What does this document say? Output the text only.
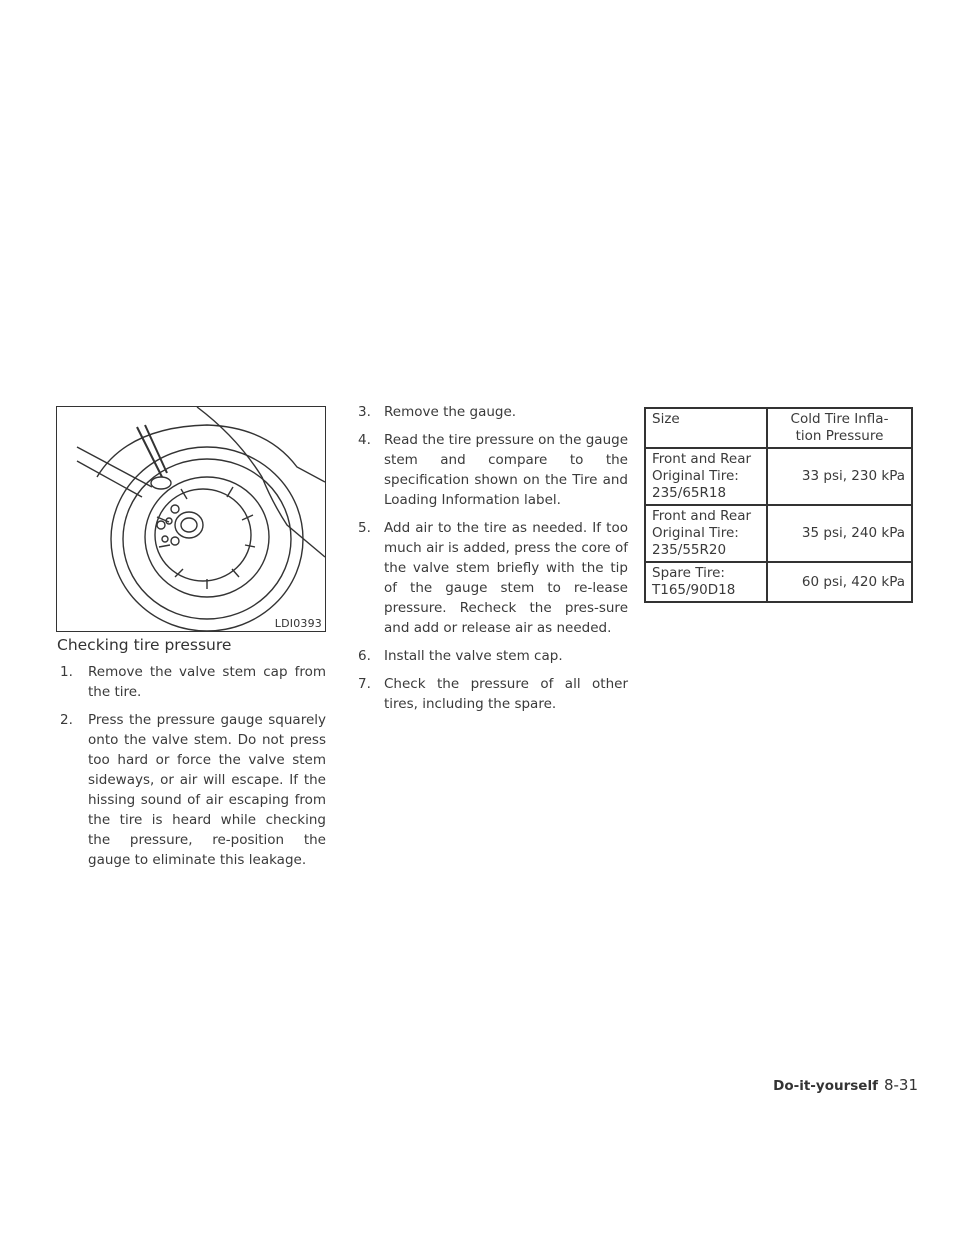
LDI0393
Checking tire pressure
1. Remove the valve stem cap from the tire.
2. Press the pressure gauge squarely onto the valve stem. Do not press too hard or force the valve stem sideways, or air will escape. If the hissing sound of air escaping from the tire is heard while checking the pressure, re-position the gauge to eliminate this leakage.
3. Remove the gauge.
4. Read the tire pressure on the gauge stem and compare to the specification shown on the Tire and Loading Information label.
5. Add air to the tire as needed. If too much air is added, press the core of the valve stem briefly with the tip of the gauge stem to re-lease pressure. Recheck the pres-sure and add or release air as needed.
6. Install the valve stem cap.
7. Check the pressure of all other tires, including the spare.
Size	Cold Tire Infla-
tion Pressure

Front and Rear
Original Tire:
235/65R18	33 psi, 230 kPa

Front and Rear
Original Tire:
235/55R20	35 psi, 240 kPa

Spare Tire:
T165/90D18	60 psi, 420 kPa
Do-it-yourself 8-31
